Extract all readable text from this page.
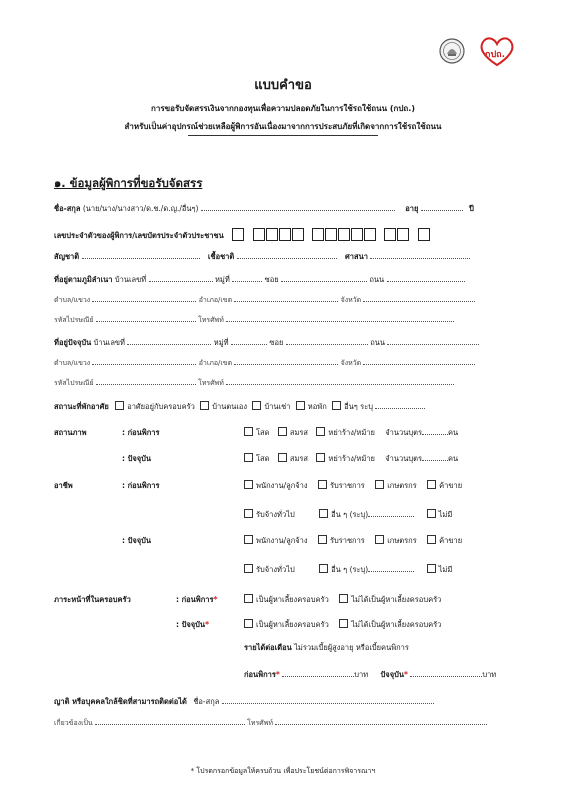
กปถ.
แบบคำขอ
การขอรับจัดสรรเงินจากกองทุนเพื่อความปลอดภัยในการใช้รถใช้ถนน (กปถ.)
สำหรับเป็นค่าอุปกรณ์ช่วยเหลือผู้พิการอันเนื่องมาจากการประสบภัยที่เกิดจากการใช้รถใช้ถนน
๑. ข้อมูลผู้พิการที่ขอรับจัดสรร
ชื่อ-สกุล (นาย/นาง/นางสาว/ด.ช./ด.ญ./อื่นๆ)	อายุ	ปี
เลขประจำตัวของผู้พิการ/เลขบัตรประจำตัวประชาชน
สัญชาติ	เชื้อชาติ	ศาสนา
ที่อยู่ตามภูมิลำเนา บ้านเลขที่	หมู่ที่	ซอย	ถนน
ตำบล/แขวง	อำเภอ/เขต	จังหวัด
รหัสไปรษณีย์	โทรศัพท์
ที่อยู่ปัจจุบัน บ้านเลขที่	หมู่ที่	ซอย	ถนน
ตำบล/แขวง	อำเภอ/เขต	จังหวัด
รหัสไปรษณีย์	โทรศัพท์
สถานะที่พักอาศัย อาศัยอยู่กับครอบครัว บ้านตนเอง บ้านเช่า หอพัก อื่นๆ ระบุ
สถานภาพ	: ก่อนพิการ	โสด	สมรส	หย่าร้าง/หม้าย จำนวนบุตร	คน
: ปัจจุบัน	โสด	สมรส	หย่าร้าง/หม้าย จำนวนบุตร	คน
อาชีพ	: ก่อนพิการ	พนักงาน/ลูกจ้าง	รับราชการ	เกษตรกร	ค้าขาย
รับจ้างทั่วไป	อื่น ๆ (ระบุ)	ไม่มี
: ปัจจุบัน	พนักงาน/ลูกจ้าง	รับราชการ	เกษตรกร	ค้าขาย
รับจ้างทั่วไป	อื่น ๆ (ระบุ)	ไม่มี
ภาระหน้าที่ในครอบครัว	: ก่อนพิการ*	เป็นผู้หาเลี้ยงครอบครัว	ไม่ได้เป็นผู้หาเลี้ยงครอบครัว
: ปัจจุบัน*	เป็นผู้หาเลี้ยงครอบครัว	ไม่ได้เป็นผู้หาเลี้ยงครอบครัว
รายได้ต่อเดือน ไม่รวมเบี้ยผู้สูงอายุ หรือเบี้ยคนพิการ
ก่อนพิการ*	บาท ปัจจุบัน*	บาท
ญาติ หรือบุคคลใกล้ชิดที่สามารถติดต่อได้ ชื่อ-สกุล
เกี่ยวข้องเป็น	โทรศัพท์
* โปรดกรอกข้อมูลให้ครบถ้วน เพื่อประโยชน์ต่อการพิจารณาฯ
